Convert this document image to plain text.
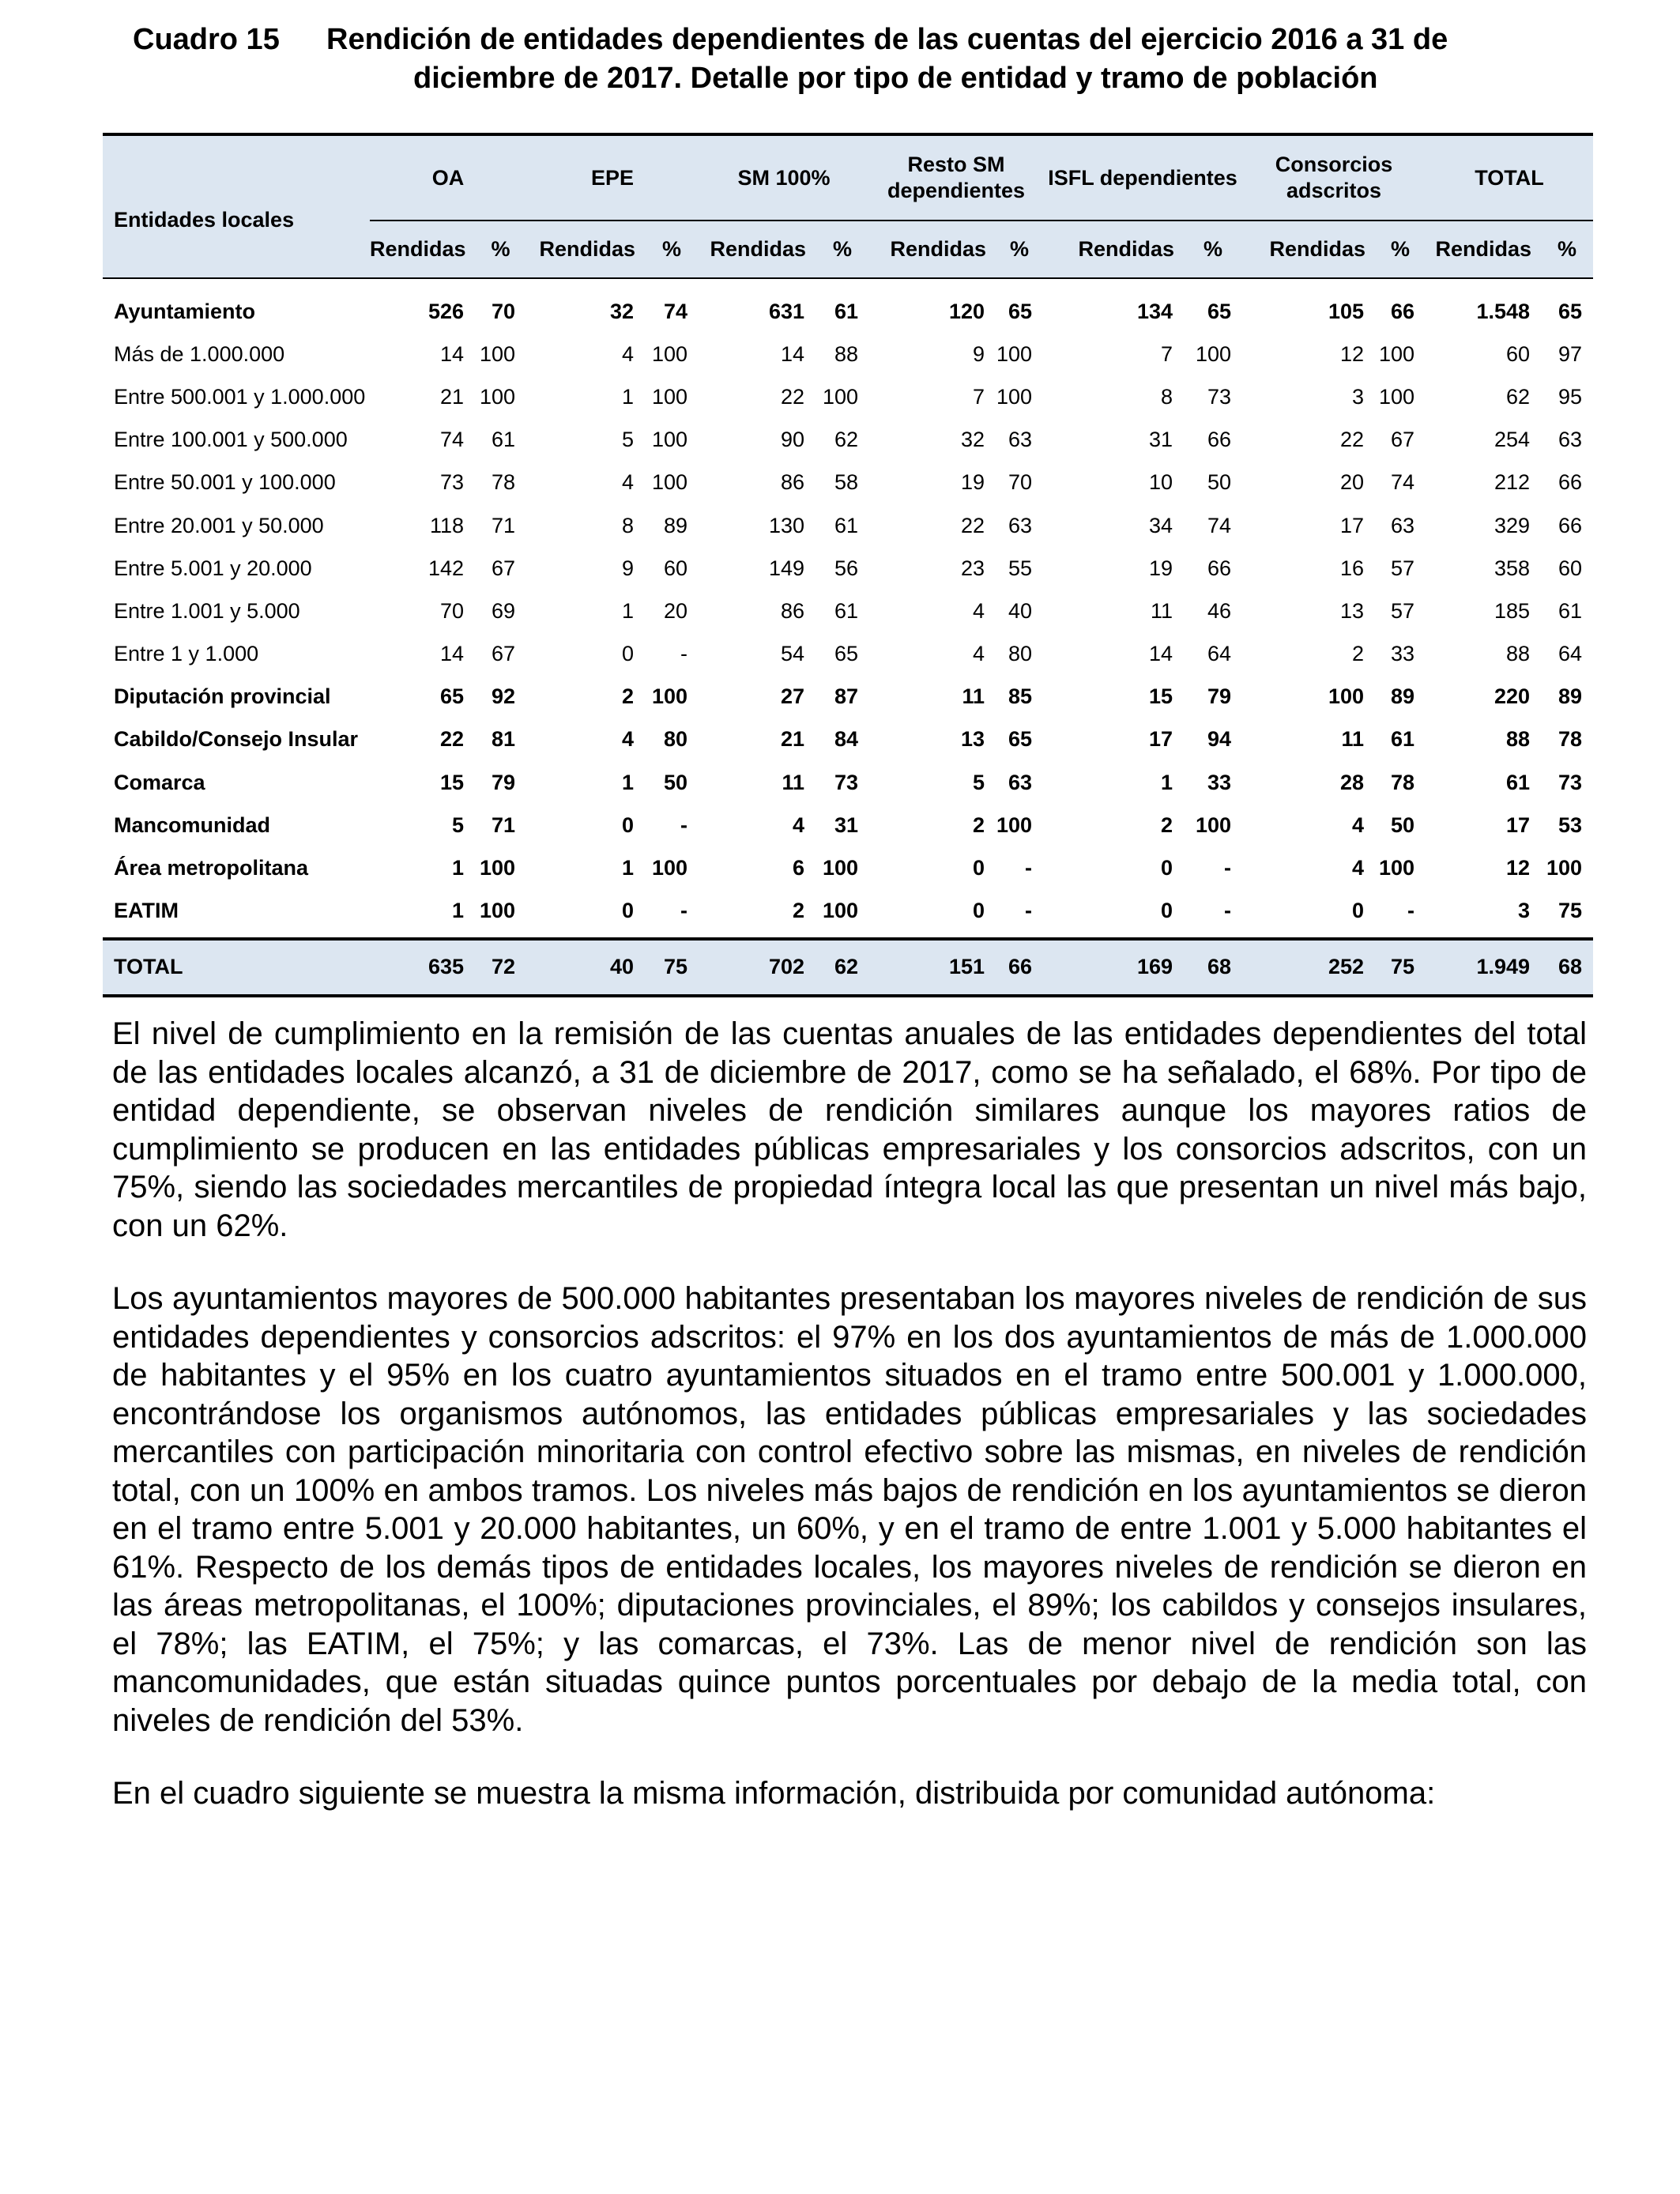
Cuadro 15	Rendición de entidades dependientes de las cuentas del ejercicio 2016 a 31 de
diciembre de 2017. Detalle por tipo de entidad y tramo de población
Entidades locales	OA		EPE		SM 100%		Resto SM dependientes		ISFL dependientes		Consorcios adscritos		TOTAL	
	Rendidas	%	Rendidas	%	Rendidas	%	Rendidas	%	Rendidas	%	Rendidas	%	Rendidas	%
Ayuntamiento	526	70	32	74	631	61	120	65	134	65	105	66	1.548	65
Más de 1.000.000	14	100	4	100	14	88	9	100	7	100	12	100	60	97
Entre 500.001 y 1.000.000	21	100	1	100	22	100	7	100	8	73	3	100	62	95
Entre 100.001 y 500.000	74	61	5	100	90	62	32	63	31	66	22	67	254	63
Entre 50.001 y 100.000	73	78	4	100	86	58	19	70	10	50	20	74	212	66
Entre 20.001 y 50.000	118	71	8	89	130	61	22	63	34	74	17	63	329	66
Entre 5.001 y 20.000	142	67	9	60	149	56	23	55	19	66	16	57	358	60
Entre 1.001 y 5.000	70	69	1	20	86	61	4	40	11	46	13	57	185	61
Entre 1 y 1.000	14	67	0	-	54	65	4	80	14	64	2	33	88	64
Diputación provincial	65	92	2	100	27	87	11	85	15	79	100	89	220	89
Cabildo/Consejo Insular	22	81	4	80	21	84	13	65	17	94	11	61	88	78
Comarca	15	79	1	50	11	73	5	63	1	33	28	78	61	73
Mancomunidad	5	71	0	-	4	31	2	100	2	100	4	50	17	53
Área metropolitana	1	100	1	100	6	100	0	-	0	-	4	100	12	100
EATIM	1	100	0	-	2	100	0	-	0	-	0	-	3	75
TOTAL	635	72	40	75	702	62	151	66	169	68	252	75	1.949	68

El nivel de cumplimiento en la remisión de las cuentas anuales de las entidades dependientes del total de las entidades locales alcanzó, a 31 de diciembre de 2017, como se ha señalado, el 68%. Por tipo de entidad dependiente, se observan niveles de rendición similares aunque los mayores ratios de cumplimiento se producen en las entidades públicas empresariales y los consorcios adscritos, con un 75%, siendo las sociedades mercantiles de propiedad íntegra local las que presentan un nivel más bajo, con un 62%.

Los ayuntamientos mayores de 500.000 habitantes presentaban los mayores niveles de rendición de sus entidades dependientes y consorcios adscritos: el 97% en los dos ayuntamientos de más de 1.000.000 de habitantes y el 95% en los cuatro ayuntamientos situados en el tramo entre 500.001 y 1.000.000, encontrándose los organismos autónomos, las entidades públicas empresariales y las sociedades mercantiles con participación minoritaria con control efectivo sobre las mismas, en niveles de rendición total, con un 100% en ambos tramos. Los niveles más bajos de rendición en los ayuntamientos se dieron en el tramo entre 5.001 y 20.000 habitantes, un 60%, y en el tramo de entre 1.001 y 5.000 habitantes el 61%. Respecto de los demás tipos de entidades locales, los mayores niveles de rendición se dieron en las áreas metropolitanas, el 100%; diputaciones provinciales, el 89%; los cabildos y consejos insulares, el 78%; las EATIM, el 75%; y las comarcas, el 73%. Las de menor nivel de rendición son las mancomunidades, que están situadas quince puntos porcentuales por debajo de la media total, con niveles de rendición del 53%.

En el cuadro siguiente se muestra la misma información, distribuida por comunidad autónoma:
